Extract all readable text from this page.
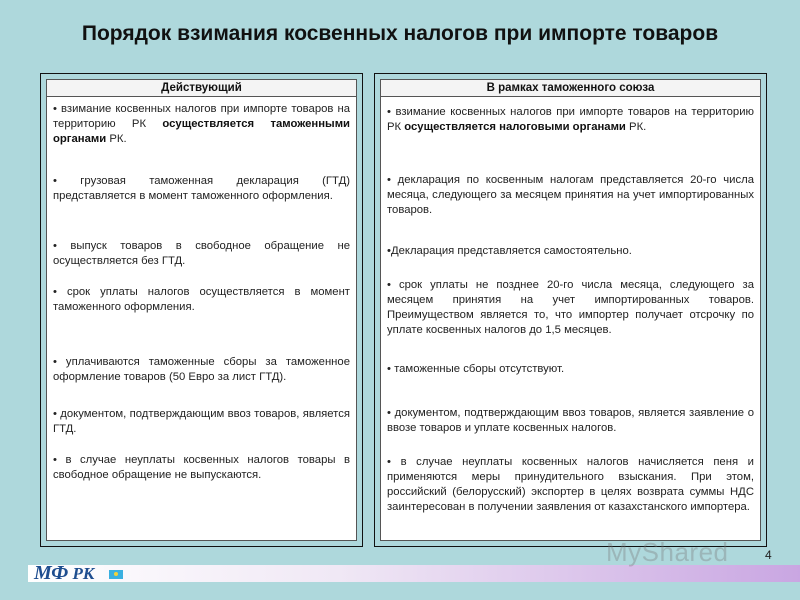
Порядок взимания косвенных налогов при импорте товаров
Действующий
• взимание косвенных налогов при импорте товаров на территорию РК осуществляется таможенными органами РК.
• грузовая таможенная декларация (ГТД) представляется в момент таможенного оформления.
• выпуск товаров в свободное обращение не осуществляется без ГТД.
• срок уплаты налогов осуществляется в момент таможенного оформления.
• уплачиваются таможенные сборы за таможенное оформление товаров (50 Евро за лист ГТД).
• документом, подтверждающим ввоз товаров, является ГТД.
• в случае неуплаты косвенных налогов товары в свободное обращение не выпускаются.
В рамках таможенного союза
• взимание косвенных налогов при импорте товаров на территорию РК осуществляется налоговыми органами РК.
• декларация по косвенным налогам представляется 20-го числа месяца, следующего за месяцем принятия на учет импортированных товаров.
•Декларация представляется самостоятельно.
• срок уплаты не позднее 20-го числа месяца, следующего за месяцем принятия на учет импортированных товаров. Преимуществом является то, что импортер получает отсрочку по уплате косвенных налогов до 1,5 месяцев.
• таможенные сборы отсутствуют.
• документом, подтверждающим ввоз товаров, является заявление о ввозе товаров и уплате косвенных налогов.
• в случае неуплаты косвенных налогов начисляется пеня и применяются меры принудительного взыскания. При этом, российский (белорусский) экспортер в целях возврата суммы НДС заинтересован в получении заявления от казахстанского импортера.
МФ РК
MyShared	4
